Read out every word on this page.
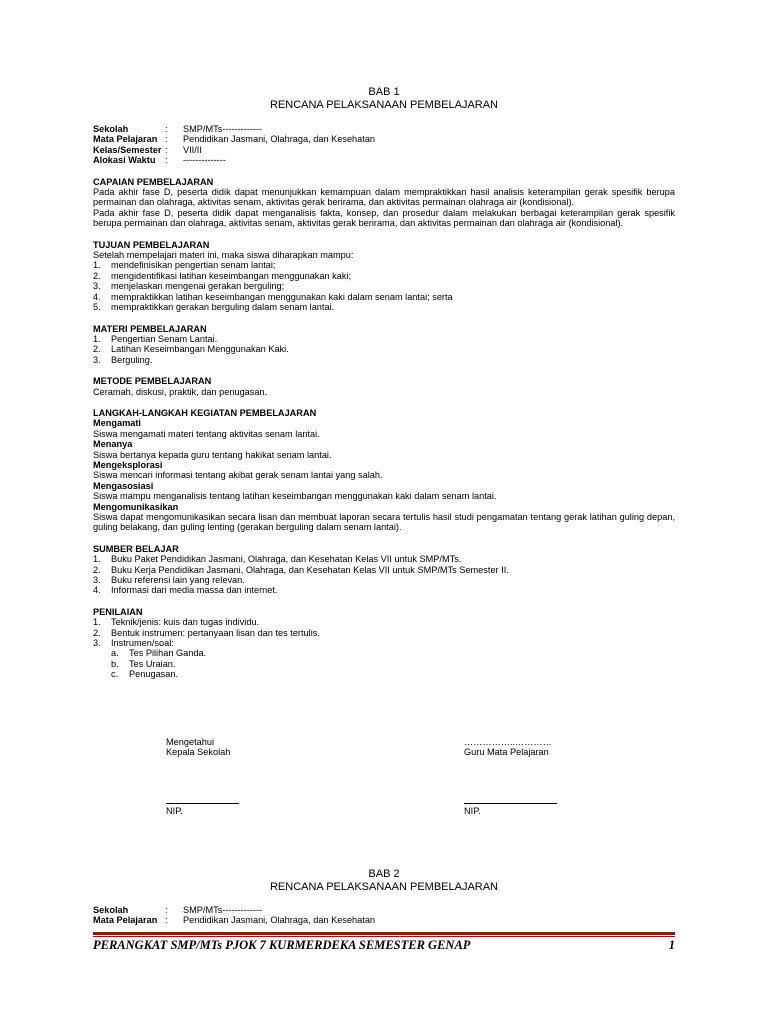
BAB 1
RENCANA PELAKSANAAN PEMBELAJARAN
Sekolah	:	SMP/MTs-------------
Mata Pelajaran :	Pendidikan Jasmani, Olahraga, dan Kesehatan
Kelas/Semester :	VII/II
Alokasi Waktu	:	--------------
CAPAIAN PEMBELAJARAN
Pada akhir fase D, peserta didik dapat menunjukkan kemampuan dalam mempraktikkan hasil analisis keterampilan gerak spesifik berupa permainan dan olahraga, aktivitas senam, aktivitas gerak berirama, dan aktivitas permainan olahraga air (kondisional).
Pada akhir fase D, peserta didik dapat menganalisis fakta, konsep, dan prosedur dalam melakukan berbagai keterampilan gerak spesifik berupa permainan dan olahraga, aktivitas senam, aktivitas gerak berirama, dan aktivitas permainan dan olahraga air (kondisional).
TUJUAN PEMBELAJARAN
Setelah mempelajari materi ini, maka siswa diharapkan mampu:
1.	mendefinisikan pengertian senam lantai;
2.	mengidentifikasi latihan keseimbangan menggunakan kaki;
3.	menjelaskan mengenai gerakan berguling;
4.	mempraktikkan latihan keseimbangan menggunakan kaki dalam senam lantai; serta
5.	mempraktikkan gerakan berguling dalam senam lantai.
MATERI PEMBELAJARAN
1.	Pengertian Senam Lantai.
2.	Latihan Keseimbangan Menggunakan Kaki.
3.	Berguling.
METODE PEMBELAJARAN
Ceramah, diskusi, praktik, dan penugasan.
LANGKAH-LANGKAH KEGIATAN PEMBELAJARAN
Mengamati
Siswa mengamati materi tentang aktivitas senam lantai.
Menanya
Siswa bertanya kepada guru tentang hakikat senam lantai.
Mengeksplorasi
Siswa mencari informasi tentang akibat gerak senam lantai yang salah.
Mengasosiasi
Siswa mampu menganalisis tentang latihan keseimbangan menggunakan kaki dalam senam lantai.
Mengomunikasikan
Siswa dapat mengomunikasikan secara lisan dan membuat laporan secara tertulis hasil studi pengamatan tentang gerak latihan guling depan, guling belakang, dan guling lenting (gerakan berguling dalam senam lantai).
SUMBER BELAJAR
1.	Buku Paket Pendidikan Jasmani, Olahraga, dan Kesehatan Kelas VII untuk SMP/MTs.
2.	Buku Kerja Pendidikan Jasmani, Olahraga, dan Kesehatan Kelas VII untuk SMP/MTs Semester II.
3.	Buku referensi lain yang relevan.
4.	Informasi dari media massa dan internet.
PENILAIAN
1.	Teknik/jenis: kuis dan tugas individu.
2.	Bentuk instrumen: pertanyaan lisan dan tes tertulis.
3.	Instrumen/soal:
a.	Tes Pilihan Ganda.
b.	Tes Uraian.
c.	Penugasan.
Mengetahui
Kepala Sekolah
……………..…………
Guru Mata Pelajaran
NIP.	NIP.
BAB 2
RENCANA PELAKSANAAN PEMBELAJARAN
Sekolah	:	SMP/MTs-------------
Mata Pelajaran :	Pendidikan Jasmani, Olahraga, dan Kesehatan
PERANGKAT SMP/MTs PJOK 7 KURMERDEKA SEMESTER GENAP	1
